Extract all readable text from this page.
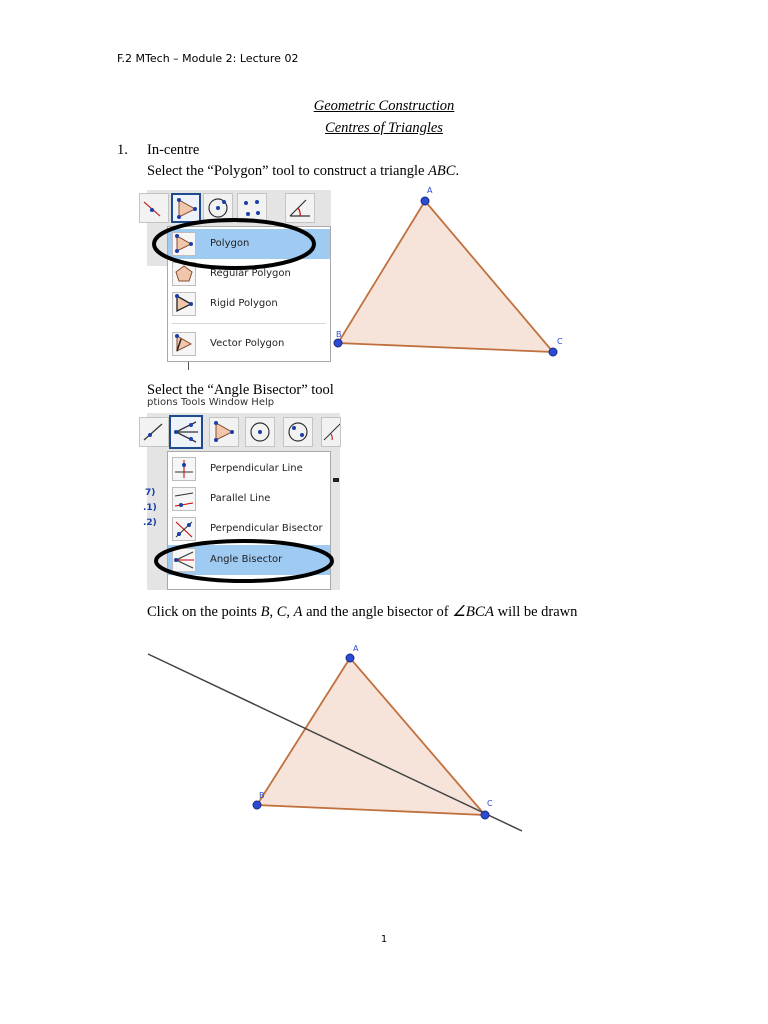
F.2 MTech – Module 2: Lecture 02
Geometric Construction
Centres of Triangles
1. In-centre
Select the “Polygon” tool to construct a triangle ABC.
Polygon
Regular Polygon
Rigid Polygon
Vector Polygon
A
B
C
Select the “Angle Bisector” tool
ptions Tools Window Help
Perpendicular Line
Parallel Line
Perpendicular Bisector
Angle Bisector
7)
.1)
.2)
Click on the points B, C, A and the angle bisector of ∠BCA will be drawn
A
B
C
1
